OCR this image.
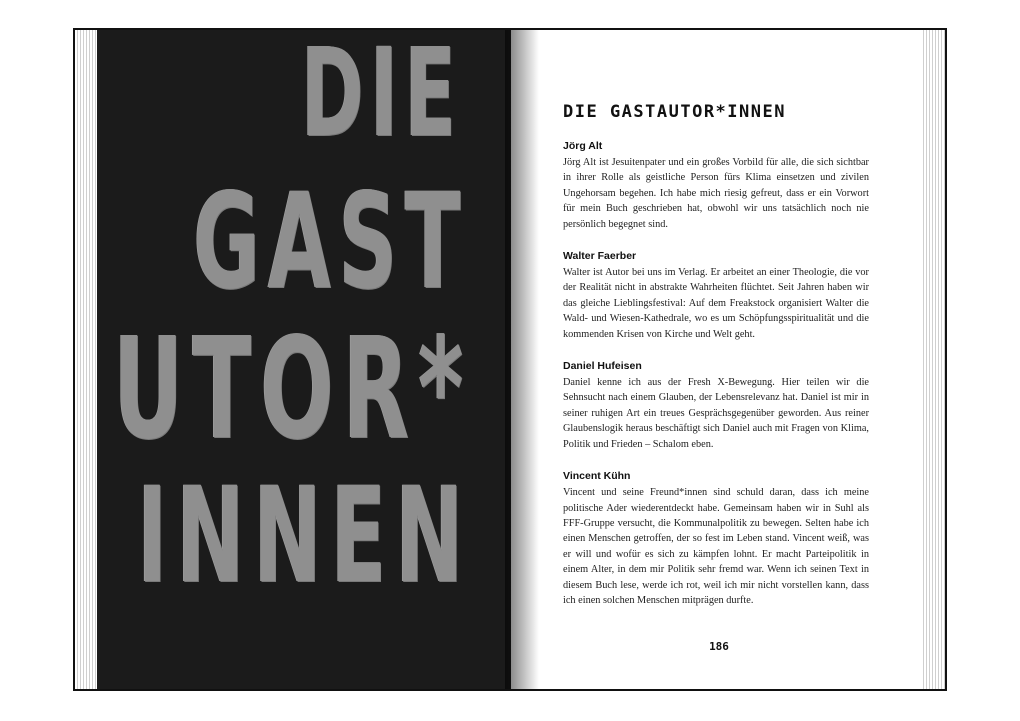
DIE
GAST
UTOR*
INNEN
DIE GASTAUTOR*INNEN

Jörg Alt

Jörg Alt ist Jesuitenpater und ein großes Vorbild für alle, die sich sichtbar in ihrer Rolle als geistliche Person fürs Klima einsetzen und zivilen Ungehorsam begehen. Ich habe mich riesig gefreut, dass er ein Vorwort für mein Buch geschrieben hat, obwohl wir uns tatsächlich noch nie persönlich begegnet sind.

Walter Faerber

Walter ist Autor bei uns im Verlag. Er arbeitet an einer Theologie, die vor der Realität nicht in abstrakte Wahrheiten flüchtet. Seit Jahren haben wir das gleiche Lieblingsfestival: Auf dem Freakstock organisiert Walter die Wald- und Wiesen-Kathedrale, wo es um Schöpfungsspiritualität und die kommenden Krisen von Kirche und Welt geht.

Daniel Hufeisen

Daniel kenne ich aus der Fresh X-Bewegung. Hier teilen wir die Sehnsucht nach einem Glauben, der Lebensrelevanz hat. Daniel ist mir in seiner ruhigen Art ein treues Gesprächsgegenüber geworden. Aus reiner Glaubenslogik heraus beschäftigt sich Daniel auch mit Fragen von Klima, Politik und Frieden – Schalom eben.

Vincent Kühn

Vincent und seine Freund*innen sind schuld daran, dass ich meine politische Ader wiederentdeckt habe. Gemeinsam haben wir in Suhl als FFF-Gruppe versucht, die Kommunalpolitik zu bewegen. Selten habe ich einen Menschen getroffen, der so fest im Leben stand. Vincent weiß, was er will und wofür es sich zu kämpfen lohnt. Er macht Parteipolitik in einem Alter, in dem mir Politik sehr fremd war. Wenn ich seinen Text in diesem Buch lese, werde ich rot, weil ich mir nicht vorstellen kann, dass ich einen solchen Menschen mitprägen durfte.

186
